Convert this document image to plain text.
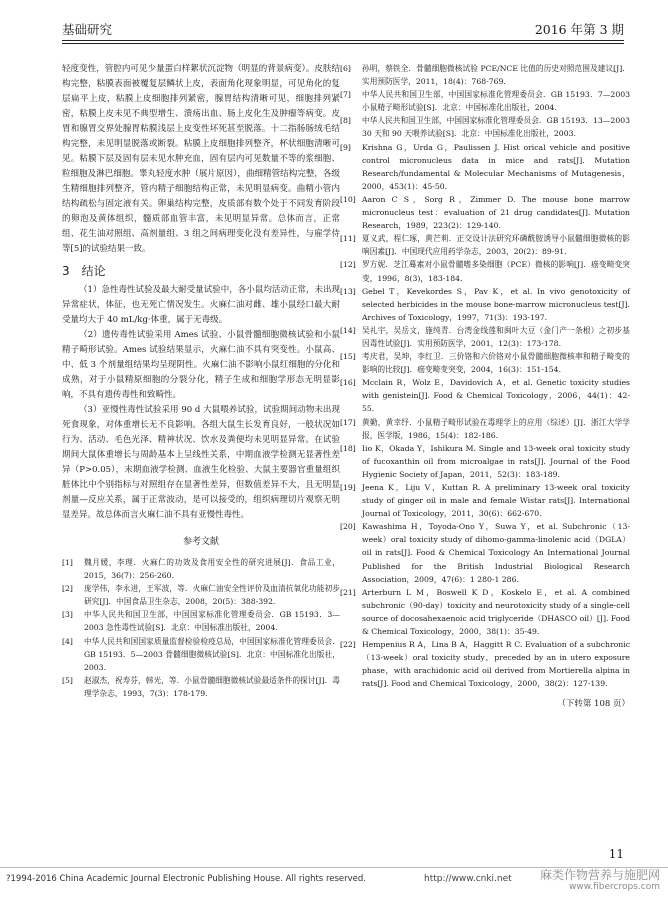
基础研究	2016 年第 3 期

轻度变性，管腔内可见少量蛋白样絮状沉淀物（明显的背景病变）。皮肤结构完整，粘膜表面被覆复层鳞状上皮，表面角化现象明显，可见角化的复层扁平上皮，粘膜上皮细胞排列紧密，腺胃结构清晰可见，细胞排列紧密，粘膜上皮未见不典型增生、溃疡出血、肠上皮化生及肿瘤等病变。皮胃和腺胃交界处腺胃粘膜浅层上皮变性坏死甚至脱落。十二指肠肠绒毛结构完整，未见明显脱落或断裂。粘膜上皮细胞排列整齐，杯状细胞清晰可见。粘膜下层及固有层未见水肿充血，固有层内可见数量不等的浆细胞、粒细胞及淋巴细胞。睾丸轻度水肿（展片原因），曲细精管结构完整，各级生精细胞排列整齐，管内精子细胞结构正常，未见明显病变。曲精小管内结构疏松与固定液有关。卵巢结构完整，皮质部有数个处于不同发育阶段的卵泡及黄体组织，髓质部血管丰富，未见明显异常。总体而言，正常组、花生油对照组、高剂量组、3 组之间病理变化没有差异性，与雇学侍等[5]的试验结果一致。

3　结论

（1）急性毒性试验及最大耐受量试验中，各小鼠均活动正常，未出现异常症状，体征，也无死亡情况发生。火麻仁油对雌、雄小鼠经口最大耐受量均大于 40 mL/kg·体重，属于无毒级。

（2）遗传毒性试验采用 Ames 试验、小鼠骨髓细胞微核试验和小鼠精子畸形试验。Ames 试验结果显示，火麻仁油不具有突变性。小鼠高、中、低 3 个剂量组结果均呈现阴性。火麻仁油不影响小鼠红细胞的分化和成熟，对于小鼠精原细胞的分裂分化，精子生成和细胞学形态无明显影响，不具有遗传毒性和致畸性。

（3）亚慢性毒性试验采用 90 d 大鼠喂养试验，试验期间动物未出现死食现象，对体重增长无不良影响。各组大鼠生长发育良好，一般状况如行为、活动、毛色光泽、精神状况、饮水及粪便均未见明显异常。在试验期间大鼠体重增长与周龄基本上呈线性关系，中期血液学检测无显著性差异（P>0.05），末期血液学检测、血液生化检验、大鼠主要器官重量组织脏体比中个别指标与对照组存在显著性差异，但数值差异不大，且无明显剂量—反应关系，属于正常波动，是可以接受的，组织病理切片观察无明显差异。故总体而言火麻仁油不具有亚慢性毒性。

参考文献
[1]	魏月媛，李理．火麻仁的功效及食用安全性的研究进展[J]．食品工业，2015，36(7)：256-260.
[2]	庞学伟，李永进，王军波，等．火麻仁油安全性评价及血清抗氧化功能初步研究[J]．中国食品卫生杂志，2008，20(5)：388-392.
[3]	中华人民共和国卫生部，中国国家标准化管理委员会．GB 15193．3—2003 急性毒性试验[S]．北京：中国标准出版社，2004.
[4]	中华人民共和国国家质量监督检验检疫总局，中国国家标准化管理委员会．GB 15193．5—2003 骨髓细胞微核试验[S]．北京：中国标准化出版社，2003.
[5]	赵淑杰，祝寿芬，韩光，等．小鼠骨髓细胞微核试验最适条件的探讨[J]．毒理学杂志，1993，7(3)：178-179.
[6]	孙明，蔡铁全．骨髓细胞微核试验 PCE/NCE 比值的历史对照范围及建议[J]．实用预防医学，2011，18(4)：768-769.
[7]	中华人民共和国卫生部，中国国家标准化管理委员会．GB 15193．7—2003 小鼠精子畸形试验[S]．北京：中国标准化出版社，2004.
[8]	中华人民共和国卫生部，中国国家标准化管理委员会．GB 15193．13—2003 30 天和 90 天喂养试验[S]．北京：中国标准化出版社，2003.
[9]	Krishna G，Urda G，Paulissen J. Hist orical vehicle and positive control micronucleus data in mice and rats[J]. Mutation Research/fundamental & Molecular Mechanisms of Mutagenesis，2000，453(1)：45-50.
[10] Aaron C S，Sorg R，Zimmer D. The mouse bone marrow micronucleus test：evaluation of 21 drug candidates[J]. Mutation Research，1989，223(2)：129-140.
[11] 夏义武，程仁琢，黄芒莉．正交设计法研究环磷酰胺诱导小鼠髓细胞微核的影响因素[J]．中国现代应用药学杂志，2003，20(2)：89-91.
[12] 罗方妮．芝江蓦素对小鼠骨髓嗜多染细胞（PCE）微核的影响[J]．癌变畸变突变，1996，8(3)，183-184.
[13] Gebel T，Kevekordes S，Pav K，et al. In vivo genotoxicity of selected herbicides in the mouse bone-marrow micronucleus test[J]. Archives of Toxicology，1997，71(3)：193-197.
[14] 吴礼宇，吴岳文，施纯青．台湾金线莲和闽叶大豆（金门产一条根）之初步基因毒性试验[J]．实用预防医学，2001，12(3)：173-178.
[15] 考庆君，吴坤，李红卫．三价铬和六价铬对小鼠骨髓细胞微核率和精子畸变的影响的比较[J]．癌变畸变突变，2004，16(3)：151-154.
[16] Mcclain R，Wolz E，Davidovich A，et al. Genetic toxicity studies with genistein[J]. Food & Chemical Toxicology，2006，44(1)：42-55.
[17] 黄勤，黄幸纾．小鼠精子畸形试验在毒理学上的应用（综述）[J]．浙江大学学报，医学版，1986，15(4)：182-186.
[18] Iio K，Okada Y，Ishikura M. Single and 13-week oral toxicity study of fucoxanthin oil from microalgae in rats[J]. Journal of the Food Hygienic Society of Japan，2011，52(3)：183-189.
[19] Jeena K，Liju V，Kuttan R. A preliminary 13-week oral toxicity study of ginger oil in male and female Wistar rats[J]. International Journal of Toxicology，2011，30(6)：662-670.
[20] Kawashima H，Toyoda-Ono Y，Suwa Y，et al. Subchronic（13-week）oral toxicity study of dihomo-gamma-linolenic acid（DGLA）oil in rats[J]. Food & Chemical Toxicology An International Journal Published for the British Industrial Biological Research Association，2009，47(6)：1 280-1 286.
[21] Arterburn L M，Boswell K D，Koskelo E，et al. A combined subchronic（90-day）toxicity and neurotoxicity study of a single-cell source of docosahexaenoic acid triglyceride（DHASCO oil）[J]. Food & Chemical Toxicology，2000，38(1)：35-49.
[22] Hempenius R A，Lina B A，Haggitt R C. Evaluation of a subchronic（13-week）oral toxicity study，preceded by an in utero exposure phase，with arachidonic acid oil derived from Mortierella alpina in rats[J]. Food and Chemical Toxicology，2000，38(2)：127-139.
（下转第 108 页）
11
?1994-2016 China Academic Journal Electronic Publishing House. All rights reserved.	http://www.cnki.net 麻类作物营养与施肥网
www.fibercrops.com
